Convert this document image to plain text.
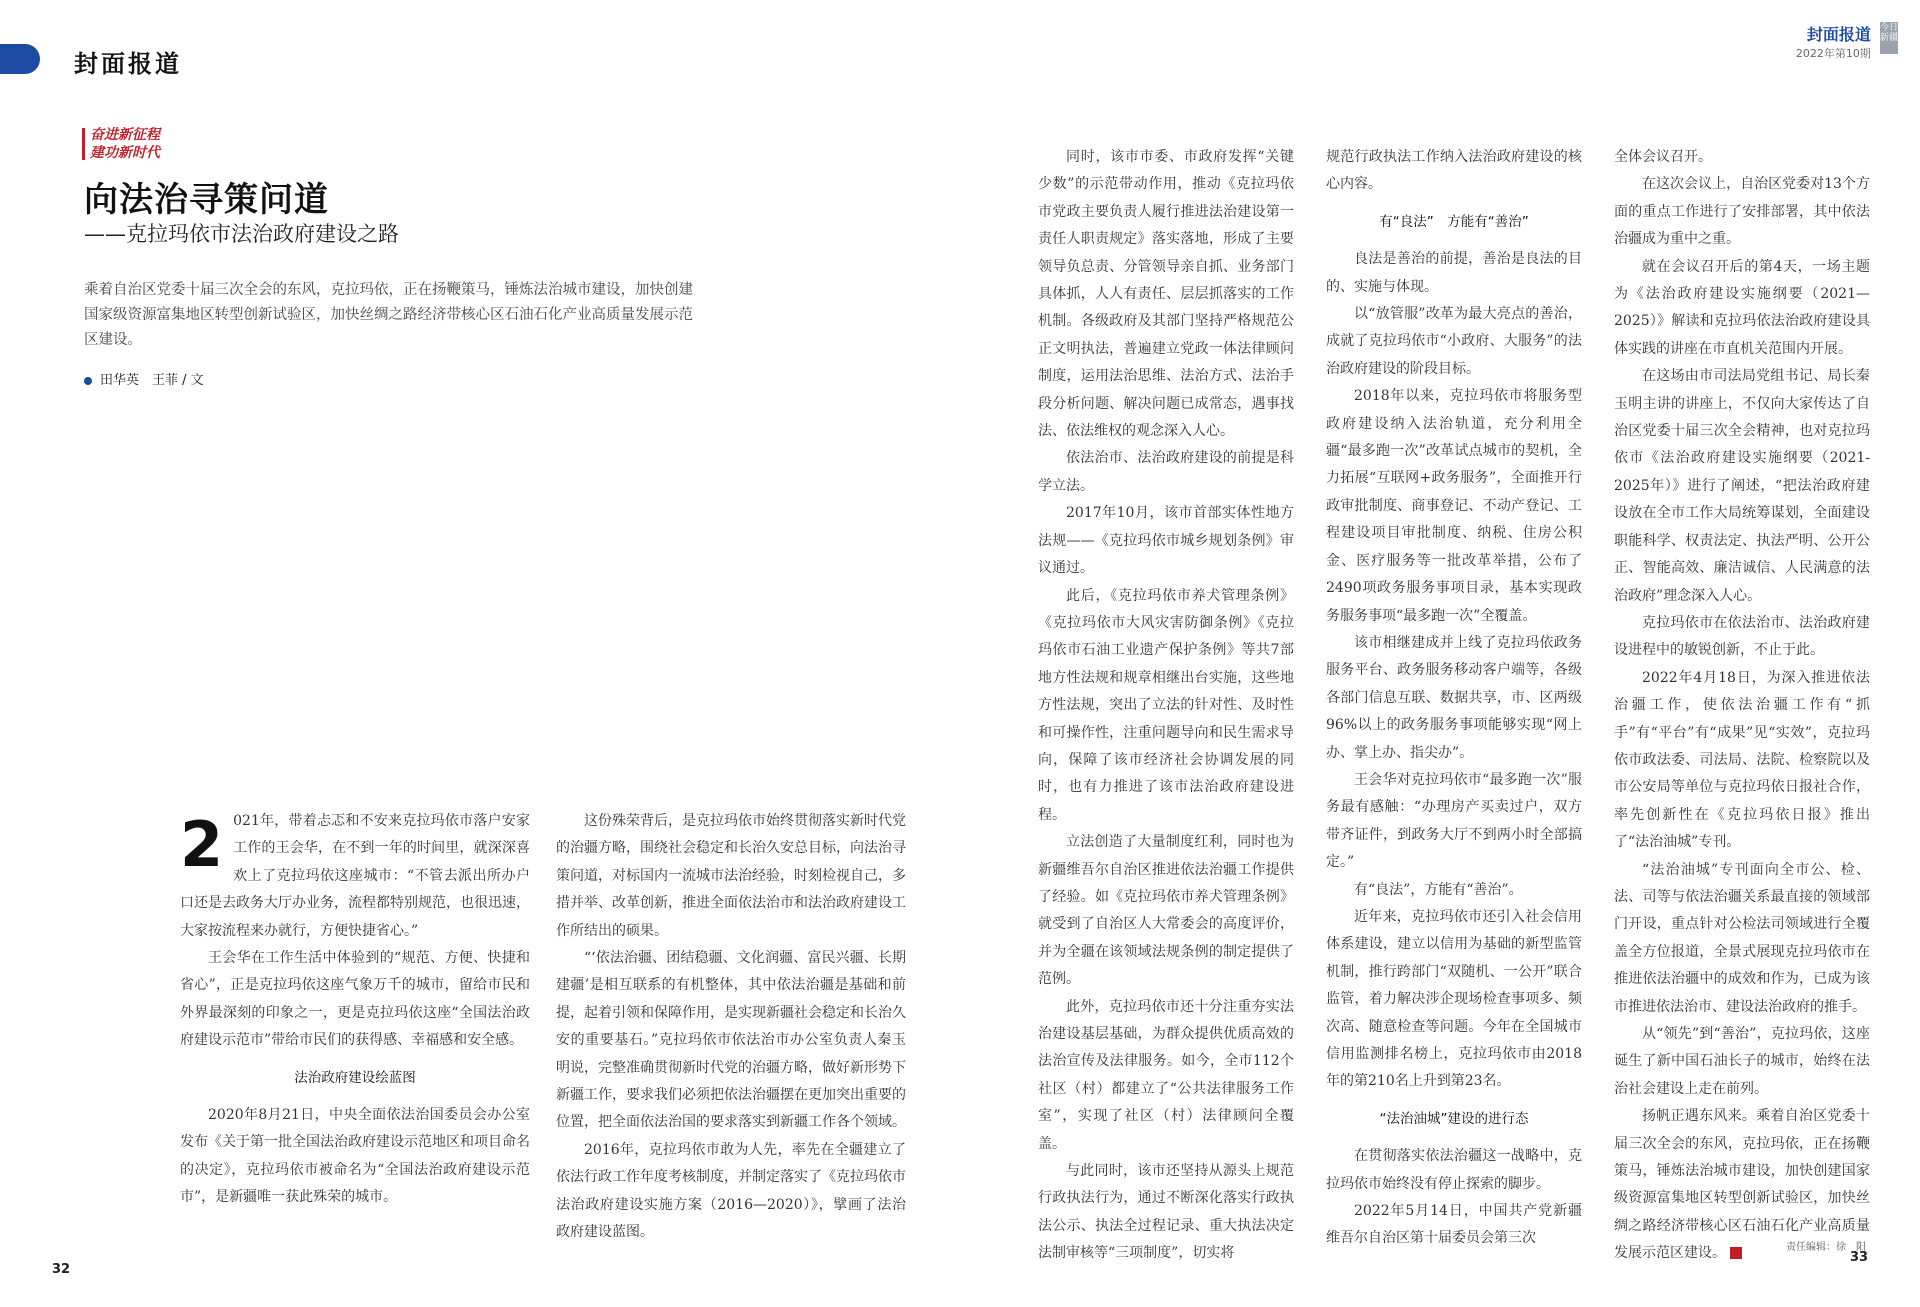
封面报道
封面报道
2022年第10期
今日新疆
奋进新征程
建功新时代
向法治寻策问道
——克拉玛依市法治政府建设之路
乘着自治区党委十届三次全会的东风，克拉玛依，正在扬鞭策马，锤炼法治城市建设，加快创建国家级资源富集地区转型创新试验区，加快丝绸之路经济带核心区石油石化产业高质量发展示范区建设。
田华英　王菲 / 文

2 021年，带着忐忑和不安来克拉玛依市落户安家工作的王会华，在不到一年的时间里，就深深喜欢上了克拉玛依这座城市：“不管去派出所办户口还是去政务大厅办业务，流程都特别规范，也很迅速，大家按流程来办就行，方便快捷省心。”

王会华在工作生活中体验到的“规范、方便、快捷和省心”，正是克拉玛依这座气象万千的城市，留给市民和外界最深刻的印象之一，更是克拉玛依这座“全国法治政府建设示范市”带给市民们的获得感、幸福感和安全感。

法治政府建设绘蓝图

2020年8月21日，中央全面依法治国委员会办公室发布《关于第一批全国法治政府建设示范地区和项目命名的决定》，克拉玛依市被命名为“全国法治政府建设示范市”，是新疆唯一获此殊荣的城市。

这份殊荣背后，是克拉玛依市始终贯彻落实新时代党的治疆方略，围绕社会稳定和长治久安总目标，向法治寻策问道，对标国内一流城市法治经验，时刻检视自己，多措并举、改革创新，推进全面依法治市和法治政府建设工作所结出的硕果。

“‘依法治疆、团结稳疆、文化润疆、富民兴疆、长期建疆’是相互联系的有机整体，其中依法治疆是基础和前提，起着引领和保障作用，是实现新疆社会稳定和长治久安的重要基石。”克拉玛依市依法治市办公室负责人秦玉明说，完整准确贯彻新时代党的治疆方略，做好新形势下新疆工作，要求我们必须把依法治疆摆在更加突出重要的位置，把全面依法治国的要求落实到新疆工作各个领域。

2016年，克拉玛依市敢为人先，率先在全疆建立了依法行政工作年度考核制度，并制定落实了《克拉玛依市法治政府建设实施方案（2016—2020）》，擘画了法治政府建设蓝图。

同时，该市市委、市政府发挥“关键少数”的示范带动作用，推动《克拉玛依市党政主要负责人履行推进法治建设第一责任人职责规定》落实落地，形成了主要领导负总责、分管领导亲自抓、业务部门具体抓，人人有责任、层层抓落实的工作机制。各级政府及其部门坚持严格规范公正文明执法，普遍建立党政一体法律顾问制度，运用法治思维、法治方式、法治手段分析问题、解决问题已成常态，遇事找法、依法维权的观念深入人心。

依法治市、法治政府建设的前提是科学立法。

2017年10月，该市首部实体性地方法规——《克拉玛依市城乡规划条例》审议通过。

此后，《克拉玛依市养犬管理条例》《克拉玛依市大风灾害防御条例》《克拉玛依市石油工业遗产保护条例》等共7部地方性法规和规章相继出台实施，这些地方性法规，突出了立法的针对性、及时性和可操作性，注重问题导向和民生需求导向，保障了该市经济社会协调发展的同时，也有力推进了该市法治政府建设进程。

立法创造了大量制度红利，同时也为新疆维吾尔自治区推进依法治疆工作提供了经验。如《克拉玛依市养犬管理条例》就受到了自治区人大常委会的高度评价，并为全疆在该领域法规条例的制定提供了范例。

此外，克拉玛依市还十分注重夯实法治建设基层基础，为群众提供优质高效的法治宣传及法律服务。如今，全市112个社区（村）都建立了“公共法律服务工作室”，实现了社区（村）法律顾问全覆盖。

与此同时，该市还坚持从源头上规范行政执法行为，通过不断深化落实行政执法公示、执法全过程记录、重大执法决定法制审核等“三项制度”，切实将

规范行政执法工作纳入法治政府建设的核心内容。

有“良法”　方能有“善治”

良法是善治的前提，善治是良法的目的、实施与体现。

以“放管服”改革为最大亮点的善治，成就了克拉玛依市“小政府、大服务”的法治政府建设的阶段目标。

2018年以来，克拉玛依市将服务型政府建设纳入法治轨道，充分利用全疆“最多跑一次”改革试点城市的契机，全力拓展“互联网+政务服务”，全面推开行政审批制度、商事登记、不动产登记、工程建设项目审批制度、纳税、住房公积金、医疗服务等一批改革举措，公布了2490项政务服务事项目录，基本实现政务服务事项“最多跑一次”全覆盖。

该市相继建成并上线了克拉玛依政务服务平台、政务服务移动客户端等，各级各部门信息互联、数据共享，市、区两级96%以上的政务服务事项能够实现“网上办、掌上办、指尖办”。

王会华对克拉玛依市“最多跑一次”服务最有感触：“办理房产买卖过户，双方带齐证件，到政务大厅不到两小时全部搞定。”

有“良法”，方能有“善治”。

近年来，克拉玛依市还引入社会信用体系建设，建立以信用为基础的新型监管机制，推行跨部门“双随机、一公开”联合监管，着力解决涉企现场检查事项多、频次高、随意检查等问题。今年在全国城市信用监测排名榜上，克拉玛依市由2018年的第210名上升到第23名。

“法治油城”建设的进行态

在贯彻落实依法治疆这一战略中，克拉玛依市始终没有停止探索的脚步。

2022年5月14日，中国共产党新疆维吾尔自治区第十届委员会第三次

全体会议召开。

在这次会议上，自治区党委对13个方面的重点工作进行了安排部署，其中依法治疆成为重中之重。

就在会议召开后的第4天，一场主题为《法治政府建设实施纲要（2021—2025）》解读和克拉玛依法治政府建设具体实践的讲座在市直机关范围内开展。

在这场由市司法局党组书记、局长秦玉明主讲的讲座上，不仅向大家传达了自治区党委十届三次全会精神，也对克拉玛依市《法治政府建设实施纲要（2021-2025年）》进行了阐述，“把法治政府建设放在全市工作大局统筹谋划，全面建设职能科学、权责法定、执法严明、公开公正、智能高效、廉洁诚信、人民满意的法治政府”理念深入人心。

克拉玛依市在依法治市、法治政府建设进程中的敏锐创新，不止于此。

2022年4月18日，为深入推进依法治疆工作，使依法治疆工作有“抓手”有“平台”有“成果”见“实效”，克拉玛依市政法委、司法局、法院、检察院以及市公安局等单位与克拉玛依日报社合作，率先创新性在《克拉玛依日报》推出了“法治油城”专刊。

“法治油城”专刊面向全市公、检、法、司等与依法治疆关系最直接的领域部门开设，重点针对公检法司领域进行全覆盖全方位报道，全景式展现克拉玛依市在推进依法治疆中的成效和作为，已成为该市推进依法治市、建设法治政府的推手。

从“领先”到“善治”，克拉玛依，这座诞生了新中国石油长子的城市，始终在法治社会建设上走在前列。

扬帆正遇东风来。乘着自治区党委十届三次全会的东风，克拉玛依，正在扬鞭策马，锤炼法治城市建设，加快创建国家级资源富集地区转型创新试验区，加快丝绸之路经济带核心区石油石化产业高质量发展示范区建设。

32
责任编辑：徐　阳
33
